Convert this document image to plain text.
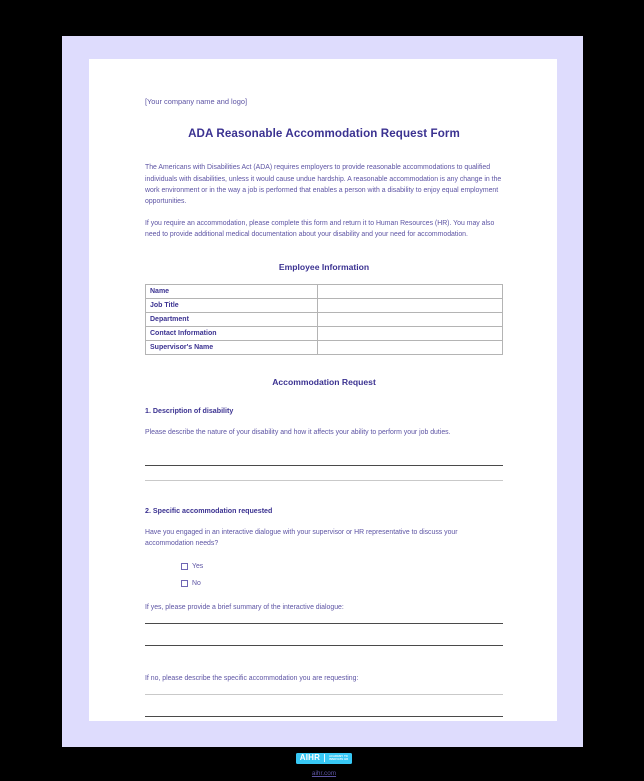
[Your company name and logo]

ADA Reasonable Accommodation Request Form

The Americans with Disabilities Act (ADA) requires employers to provide reasonable accommodations to qualified individuals with disabilities, unless it would cause undue hardship. A reasonable accommodation is any change in the work environment or in the way a job is performed that enables a person with a disability to enjoy equal employment opportunities.

If you require an accommodation, please complete this form and return it to Human Resources (HR). You may also need to provide additional medical documentation about your disability and your need for accommodation.

Employee Information
Name	
Job Title	
Department	
Contact Information	
Supervisor's Name	
Accommodation Request

1. Description of disability

Please describe the nature of your disability and how it affects your ability to perform your job duties.

2. Specific accommodation requested

Have you engaged in an interactive dialogue with your supervisor or HR representative to discuss your accommodation needs?

Yes
No

If yes, please provide a brief summary of the interactive dialogue:

If no, please describe the specific accommodation you are requesting:

AIHR	ACADEMY TO
INNOVATE HR
aihr.com
